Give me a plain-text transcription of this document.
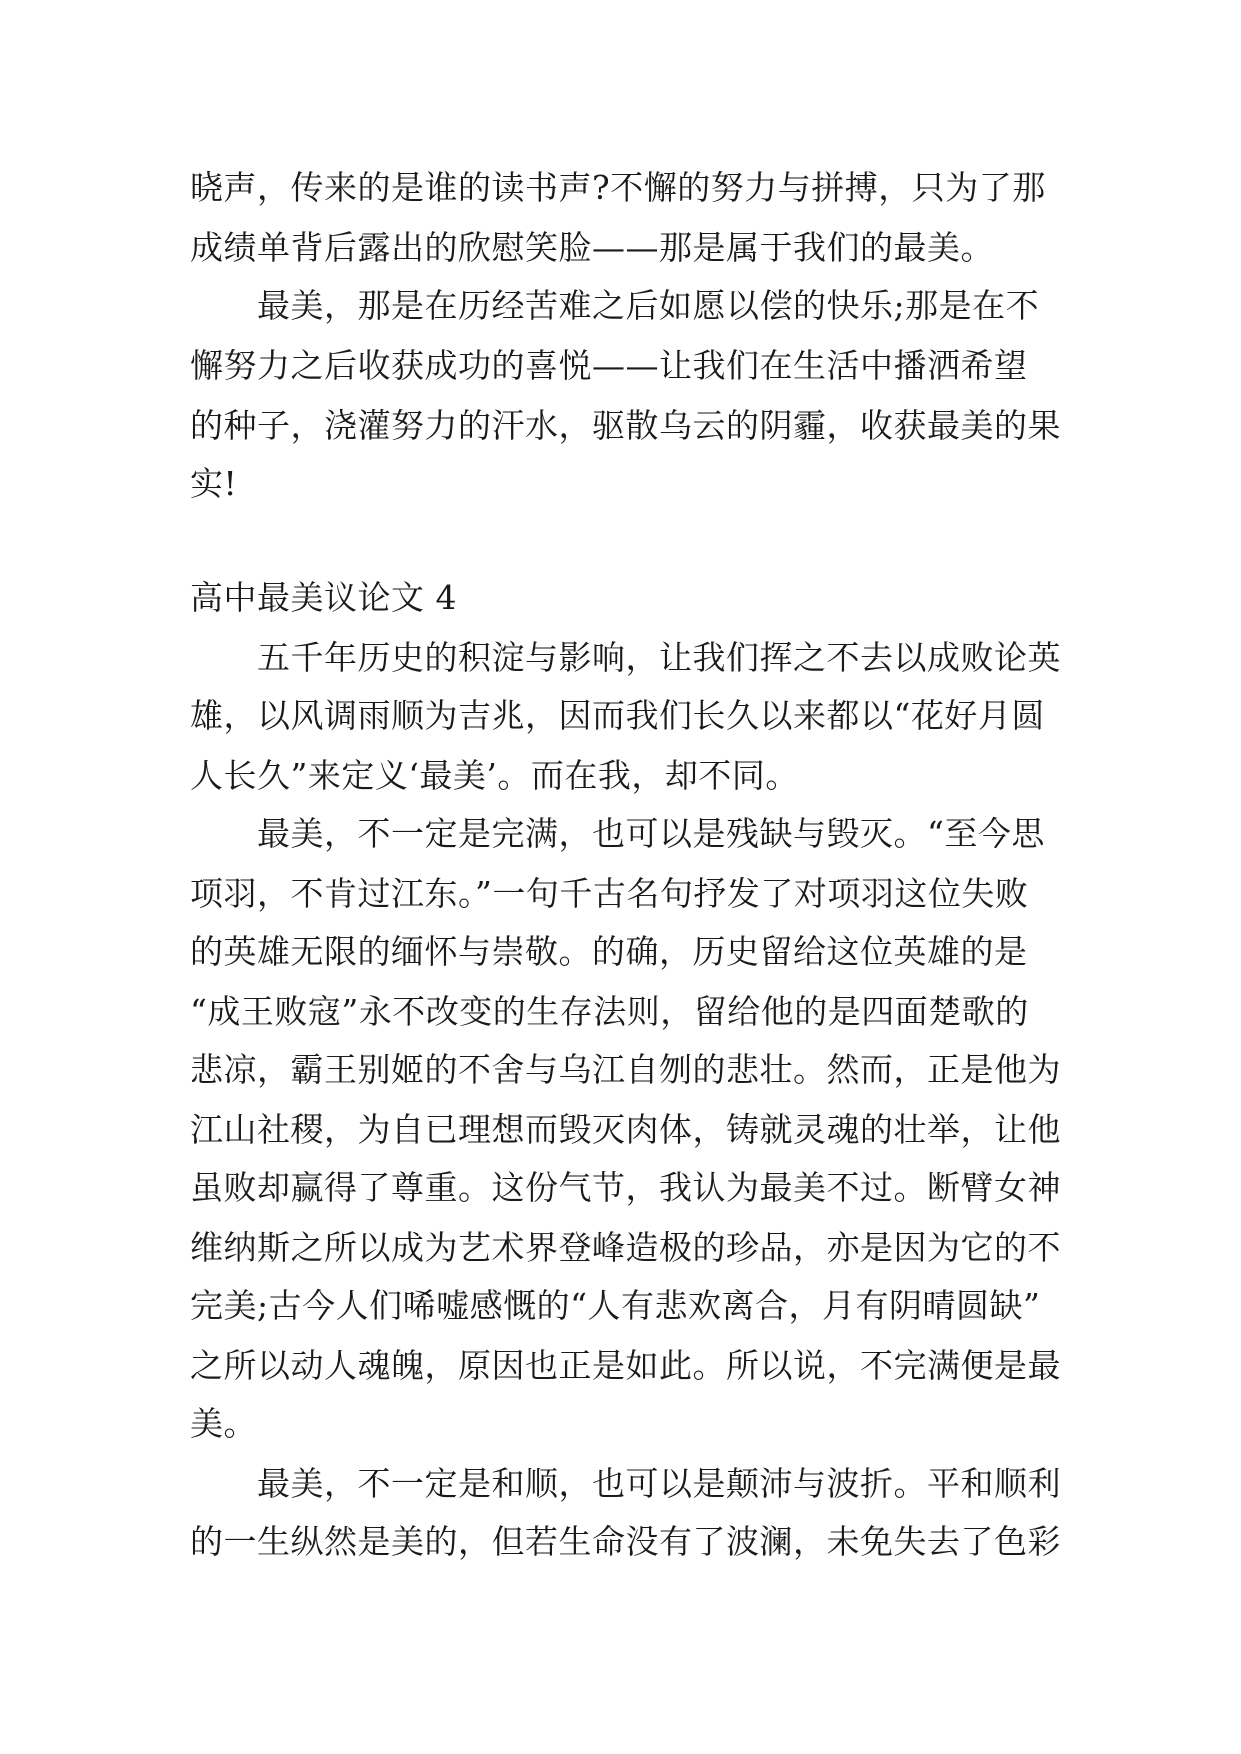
晓声，传来的是谁的读书声?不懈的努力与拼搏，只为了那
成绩单背后露出的欣慰笑脸——那是属于我们的最美。
最美，那是在历经苦难之后如愿以偿的快乐;那是在不
懈努力之后收获成功的喜悦——让我们在生活中播洒希望
的种子，浇灌努力的汗水，驱散乌云的阴霾，收获最美的果
实!
高中最美议论文 4
五千年历史的积淀与影响，让我们挥之不去以成败论英
雄，以风调雨顺为吉兆，因而我们长久以来都以“花好月圆
人长久”来定义‘最美’。而在我，却不同。
最美，不一定是完满，也可以是残缺与毁灭。“至今思
项羽，不肯过江东。”一句千古名句抒发了对项羽这位失败
的英雄无限的缅怀与崇敬。的确，历史留给这位英雄的是
“成王败寇”永不改变的生存法则，留给他的是四面楚歌的
悲凉，霸王别姬的不舍与乌江自刎的悲壮。然而，正是他为
江山社稷，为自已理想而毁灭肉体，铸就灵魂的壮举，让他
虽败却赢得了尊重。这份气节，我认为最美不过。断臂女神
维纳斯之所以成为艺术界登峰造极的珍品，亦是因为它的不
完美;古今人们唏嘘感慨的“人有悲欢离合，月有阴晴圆缺”
之所以动人魂魄，原因也正是如此。所以说，不完满便是最
美。
最美，不一定是和顺，也可以是颠沛与波折。平和顺利
的一生纵然是美的，但若生命没有了波澜，未免失去了色彩
